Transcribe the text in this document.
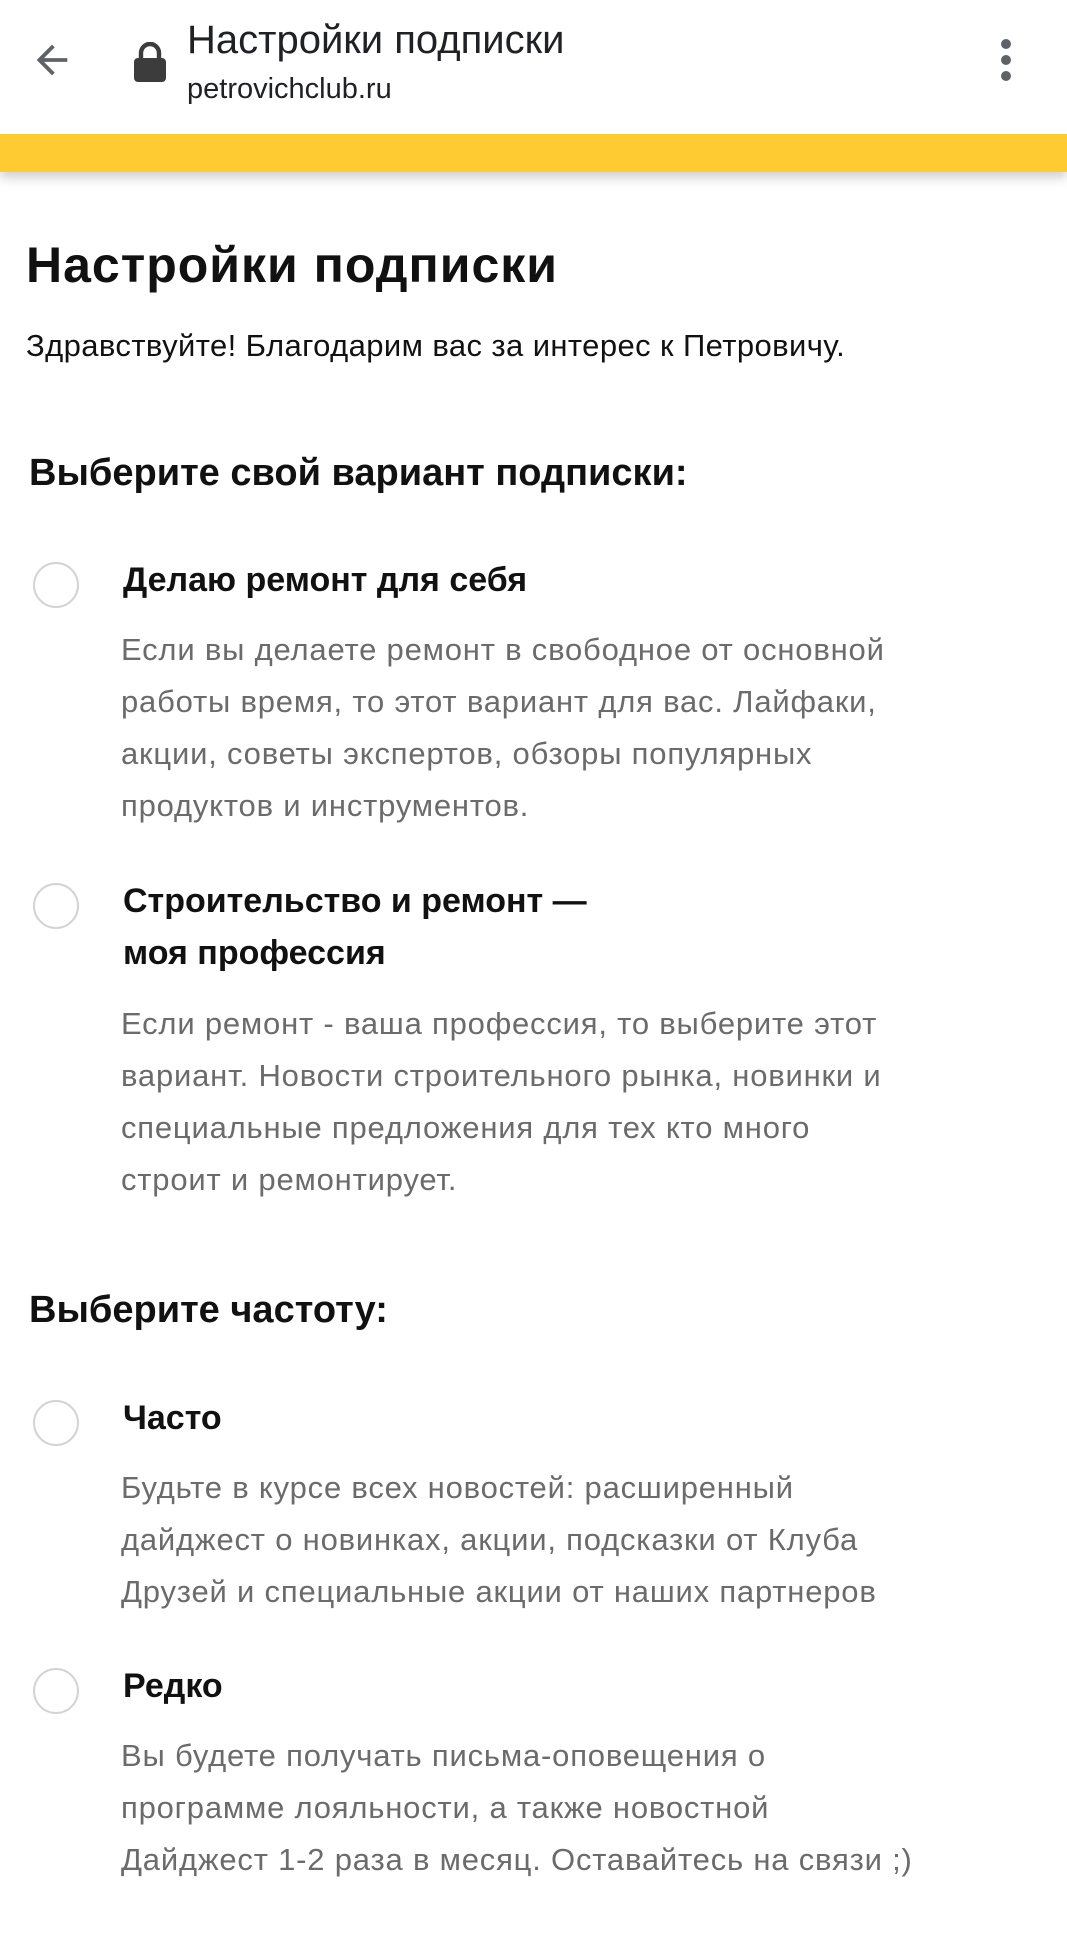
Настройки подписки
petrovichclub.ru
Настройки подписки
Здравствуйте! Благодарим вас за интерес к Петровичу.
Выберите свой вариант подписки:
Делаю ремонт для себя
Если вы делаете ремонт в свободное от основной
работы время, то этот вариант для вас. Лайфаки,
акции, советы экспертов, обзоры популярных
продуктов и инструментов.
Строительство и ремонт —
моя профессия
Если ремонт - ваша профессия, то выберите этот
вариант. Новости строительного рынка, новинки и
специальные предложения для тех кто много
строит и ремонтирует.
Выберите частоту:
Часто
Будьте в курсе всех новостей: расширенный
дайджест о новинках, акции, подсказки от Клуба
Друзей и специальные акции от наших партнеров
Редко
Вы будете получать письма-оповещения о
программе лояльности, а также новостной
Дайджест 1-2 раза в месяц. Оставайтесь на связи ;)
